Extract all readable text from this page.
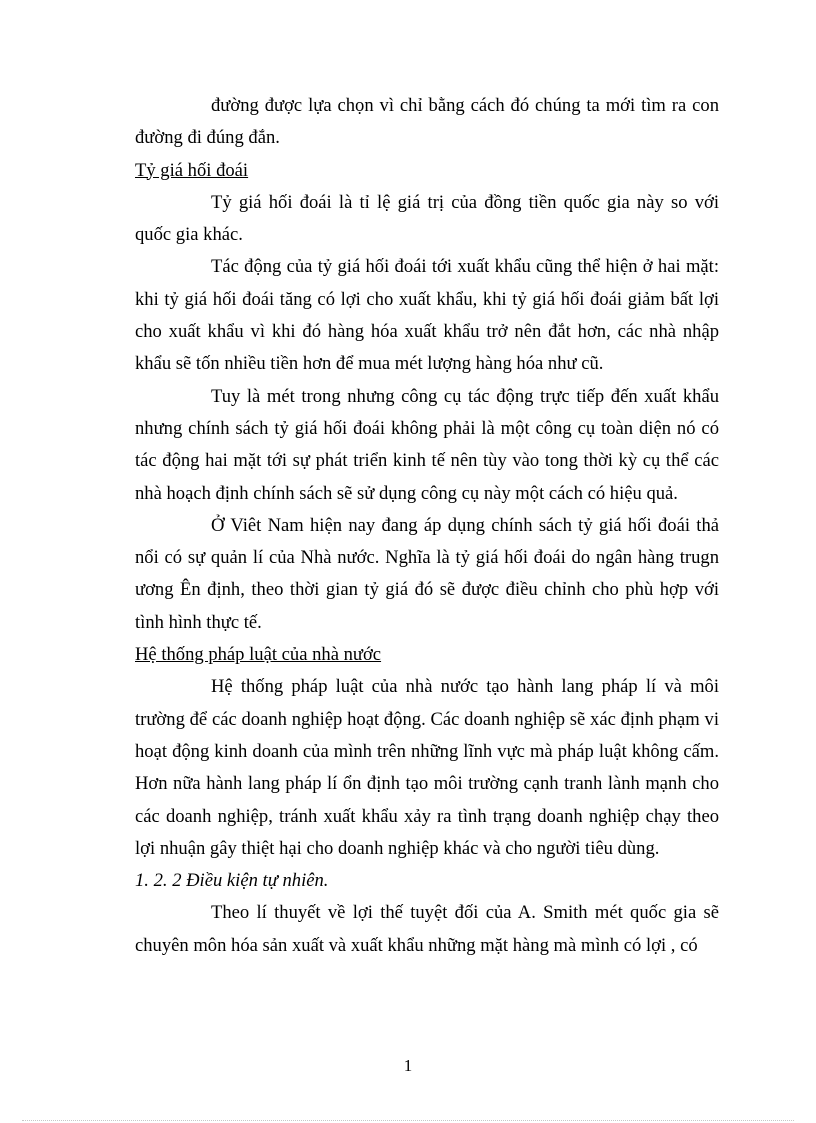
đường được lựa chọn vì chỉ bằng cách đó chúng ta mới tìm ra con đường đi đúng đắn.

Tỷ giá hối đoái

Tỷ giá hối đoái là tỉ lệ giá trị của đồng tiền quốc gia này so với quốc gia khác.

Tác động của tỷ giá hối đoái tới xuất khẩu cũng thể hiện ở hai mặt: khi tỷ giá hối đoái tăng có lợi cho xuất khẩu, khi tỷ giá hối đoái giảm bất lợi cho xuất khẩu vì khi đó hàng hóa xuất khẩu trở nên đắt hơn, các nhà nhập khẩu sẽ tốn nhiều tiền hơn để mua mét lượng hàng hóa như cũ.

Tuy là mét trong nhưng công cụ tác động trực tiếp đến xuất khẩu nhưng chính sách tỷ giá hối đoái không phải là một công cụ toàn diện nó có tác động hai mặt tới sự phát triển kinh tế nên tùy vào tong thời kỳ cụ thể các nhà hoạch định chính sách sẽ sử dụng công cụ này một cách có hiệu quả.

Ở Viêt Nam hiện nay đang áp dụng chính sách tỷ giá hối đoái thả nổi có sự quản lí của Nhà nước. Nghĩa là tỷ giá hối đoái do ngân hàng trugn ương Ên định, theo thời gian tỷ giá đó sẽ được điều chỉnh cho phù hợp với tình hình thực tế.

Hệ thống pháp luật của nhà nước

Hệ thống pháp luật của nhà nước tạo hành lang pháp lí và môi trường để các doanh nghiệp hoạt động. Các doanh nghiệp sẽ xác định phạm vi hoạt động kinh doanh của mình trên những lĩnh vực mà pháp luật không cấm. Hơn nữa hành lang pháp lí ổn định tạo môi trường cạnh tranh lành mạnh cho các doanh nghiệp, tránh xuất khẩu xảy ra tình trạng doanh nghiệp chạy theo lợi nhuận gây thiệt hại cho doanh nghiệp khác và cho người tiêu dùng.

1. 2. 2 Điều kiện tự nhiên.

Theo lí thuyết về lợi thế tuyệt đối của A. Smith mét quốc gia sẽ chuyên môn hóa sản xuất và xuất khẩu những mặt hàng mà mình có lợi , có

1
